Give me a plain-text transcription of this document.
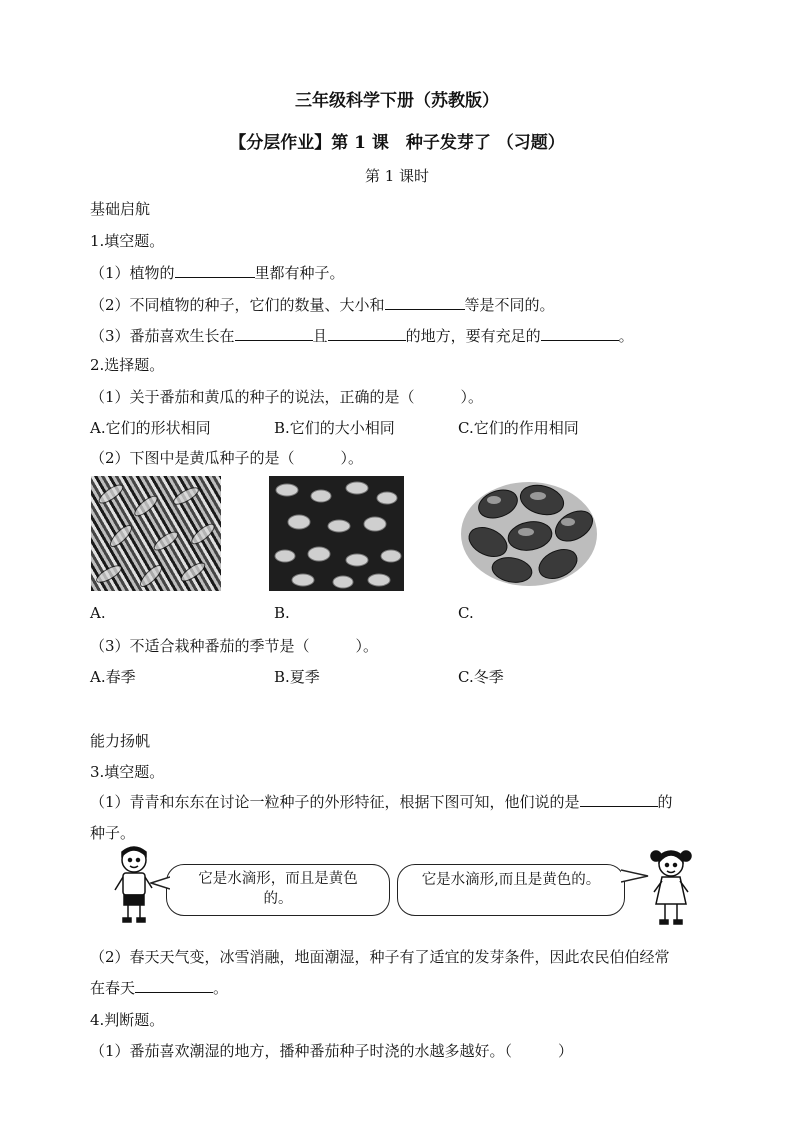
三年级科学下册（苏教版）
【分层作业】第 1 课　种子发芽了 （习题）
第 1 课时
基础启航
1.填空题。
（1）植物的	里都有种子。
（2）不同植物的种子，它们的数量、大小和	等是不同的。
（3）番茄喜欢生长在	且	的地方，要有充足的	。
2.选择题。
（1）关于番茄和黄瓜的种子的说法，正确的是（	）。
A.它们的形状相同	B.它们的大小相同	C.它们的作用相同
（2）下图中是黄瓜种子的是（	）。
A.	B.	C.
（3）不适合栽种番茄的季节是（	）。
A.春季	B.夏季	C.冬季
能力扬帆
3.填空题。
（1）青青和东东在讨论一粒种子的外形特征，根据下图可知，他们说的是	的
种子。
它是水滴形，而且是黄色
的。
它是水滴形,而且是黄色的。
（2）春天天气变，冰雪消融，地面潮湿，种子有了适宜的发芽条件，因此农民伯伯经常
在春天	。
4.判断题。
（1）番茄喜欢潮湿的地方，播种番茄种子时浇的水越多越好。（	）
